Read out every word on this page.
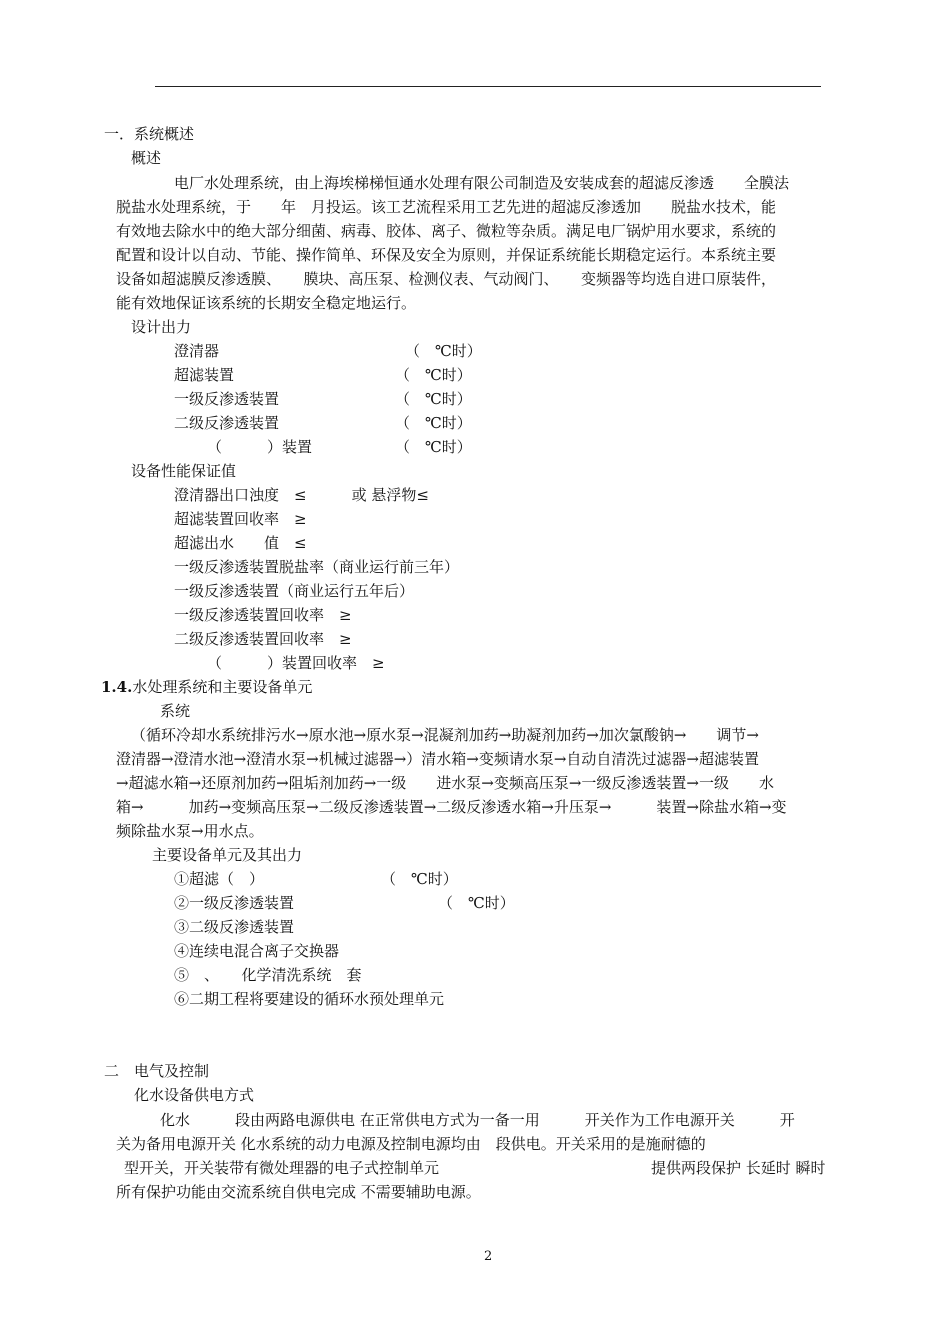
一．系统概述
概述
电厂水处理系统，由上海埃梯梯恒通水处理有限公司制造及安装成套的超滤反渗透　　全膜法
脱盐水处理系统，于　　年　月投运。该工艺流程采用工艺先进的超滤反渗透加　　脱盐水技术，能
有效地去除水中的绝大部分细菌、病毒、胶体、离子、微粒等杂质。满足电厂锅炉用水要求，系统的
配置和设计以自动、节能、操作简单、环保及安全为原则，并保证系统能长期稳定运行。本系统主要
设备如超滤膜反渗透膜、　　膜块、高压泵、检测仪表、气动阀门、　　变频器等均选自进口原装件，
能有效地保证该系统的长期安全稳定地运行。
设计出力
澄清器	（　℃时）
超滤装置	（　℃时）
一级反渗透装置	（　℃时）
二级反渗透装置	（　℃时）
（　　　）装置	（　℃时）
设备性能保证值
澄清器出口浊度　≤　　　或 悬浮物≤
超滤装置回收率　≥
超滤出水　　值　≤
一级反渗透装置脱盐率（商业运行前三年）
一级反渗透装置（商业运行五年后）
一级反渗透装置回收率　≥
二级反渗透装置回收率　≥
（　　　）装置回收率　≥
系统
（循环冷却水系统排污水→原水池→原水泵→混凝剂加药→助凝剂加药→加次氯酸钠→　　调节→
澄清器→澄清水池→澄清水泵→机械过滤器→）清水箱→变频请水泵→自动自清洗过滤器→超滤装置
→超滤水箱→还原剂加药→阻垢剂加药→一级　　进水泵→变频高压泵→一级反渗透装置→一级　　水
箱→　　　加药→变频高压泵→二级反渗透装置→二级反渗透水箱→升压泵→　　　装置→除盐水箱→变
频除盐水泵→用水点。
主要设备单元及其出力
①超滤（　）	（　℃时）
②一级反渗透装置	（　℃时）
③二级反渗透装置
④连续电混合离子交换器
⑤　、　　化学清洗系统　套
⑥二期工程将要建设的循环水预处理单元
二　电气及控制
化水设备供电方式
化水　　　段由两路电源供电 在正常供电方式为一备一用　　　开关作为工作电源开关　　　开
关为备用电源开关 化水系统的动力电源及控制电源均由　段供电。开关采用的是施耐德的
型开关，开关装带有微处理器的电子式控制单元	提供两段保护 长延时 瞬时
所有保护功能由交流系统自供电完成 不需要辅助电源。
1.4.水处理系统和主要设备单元
2
